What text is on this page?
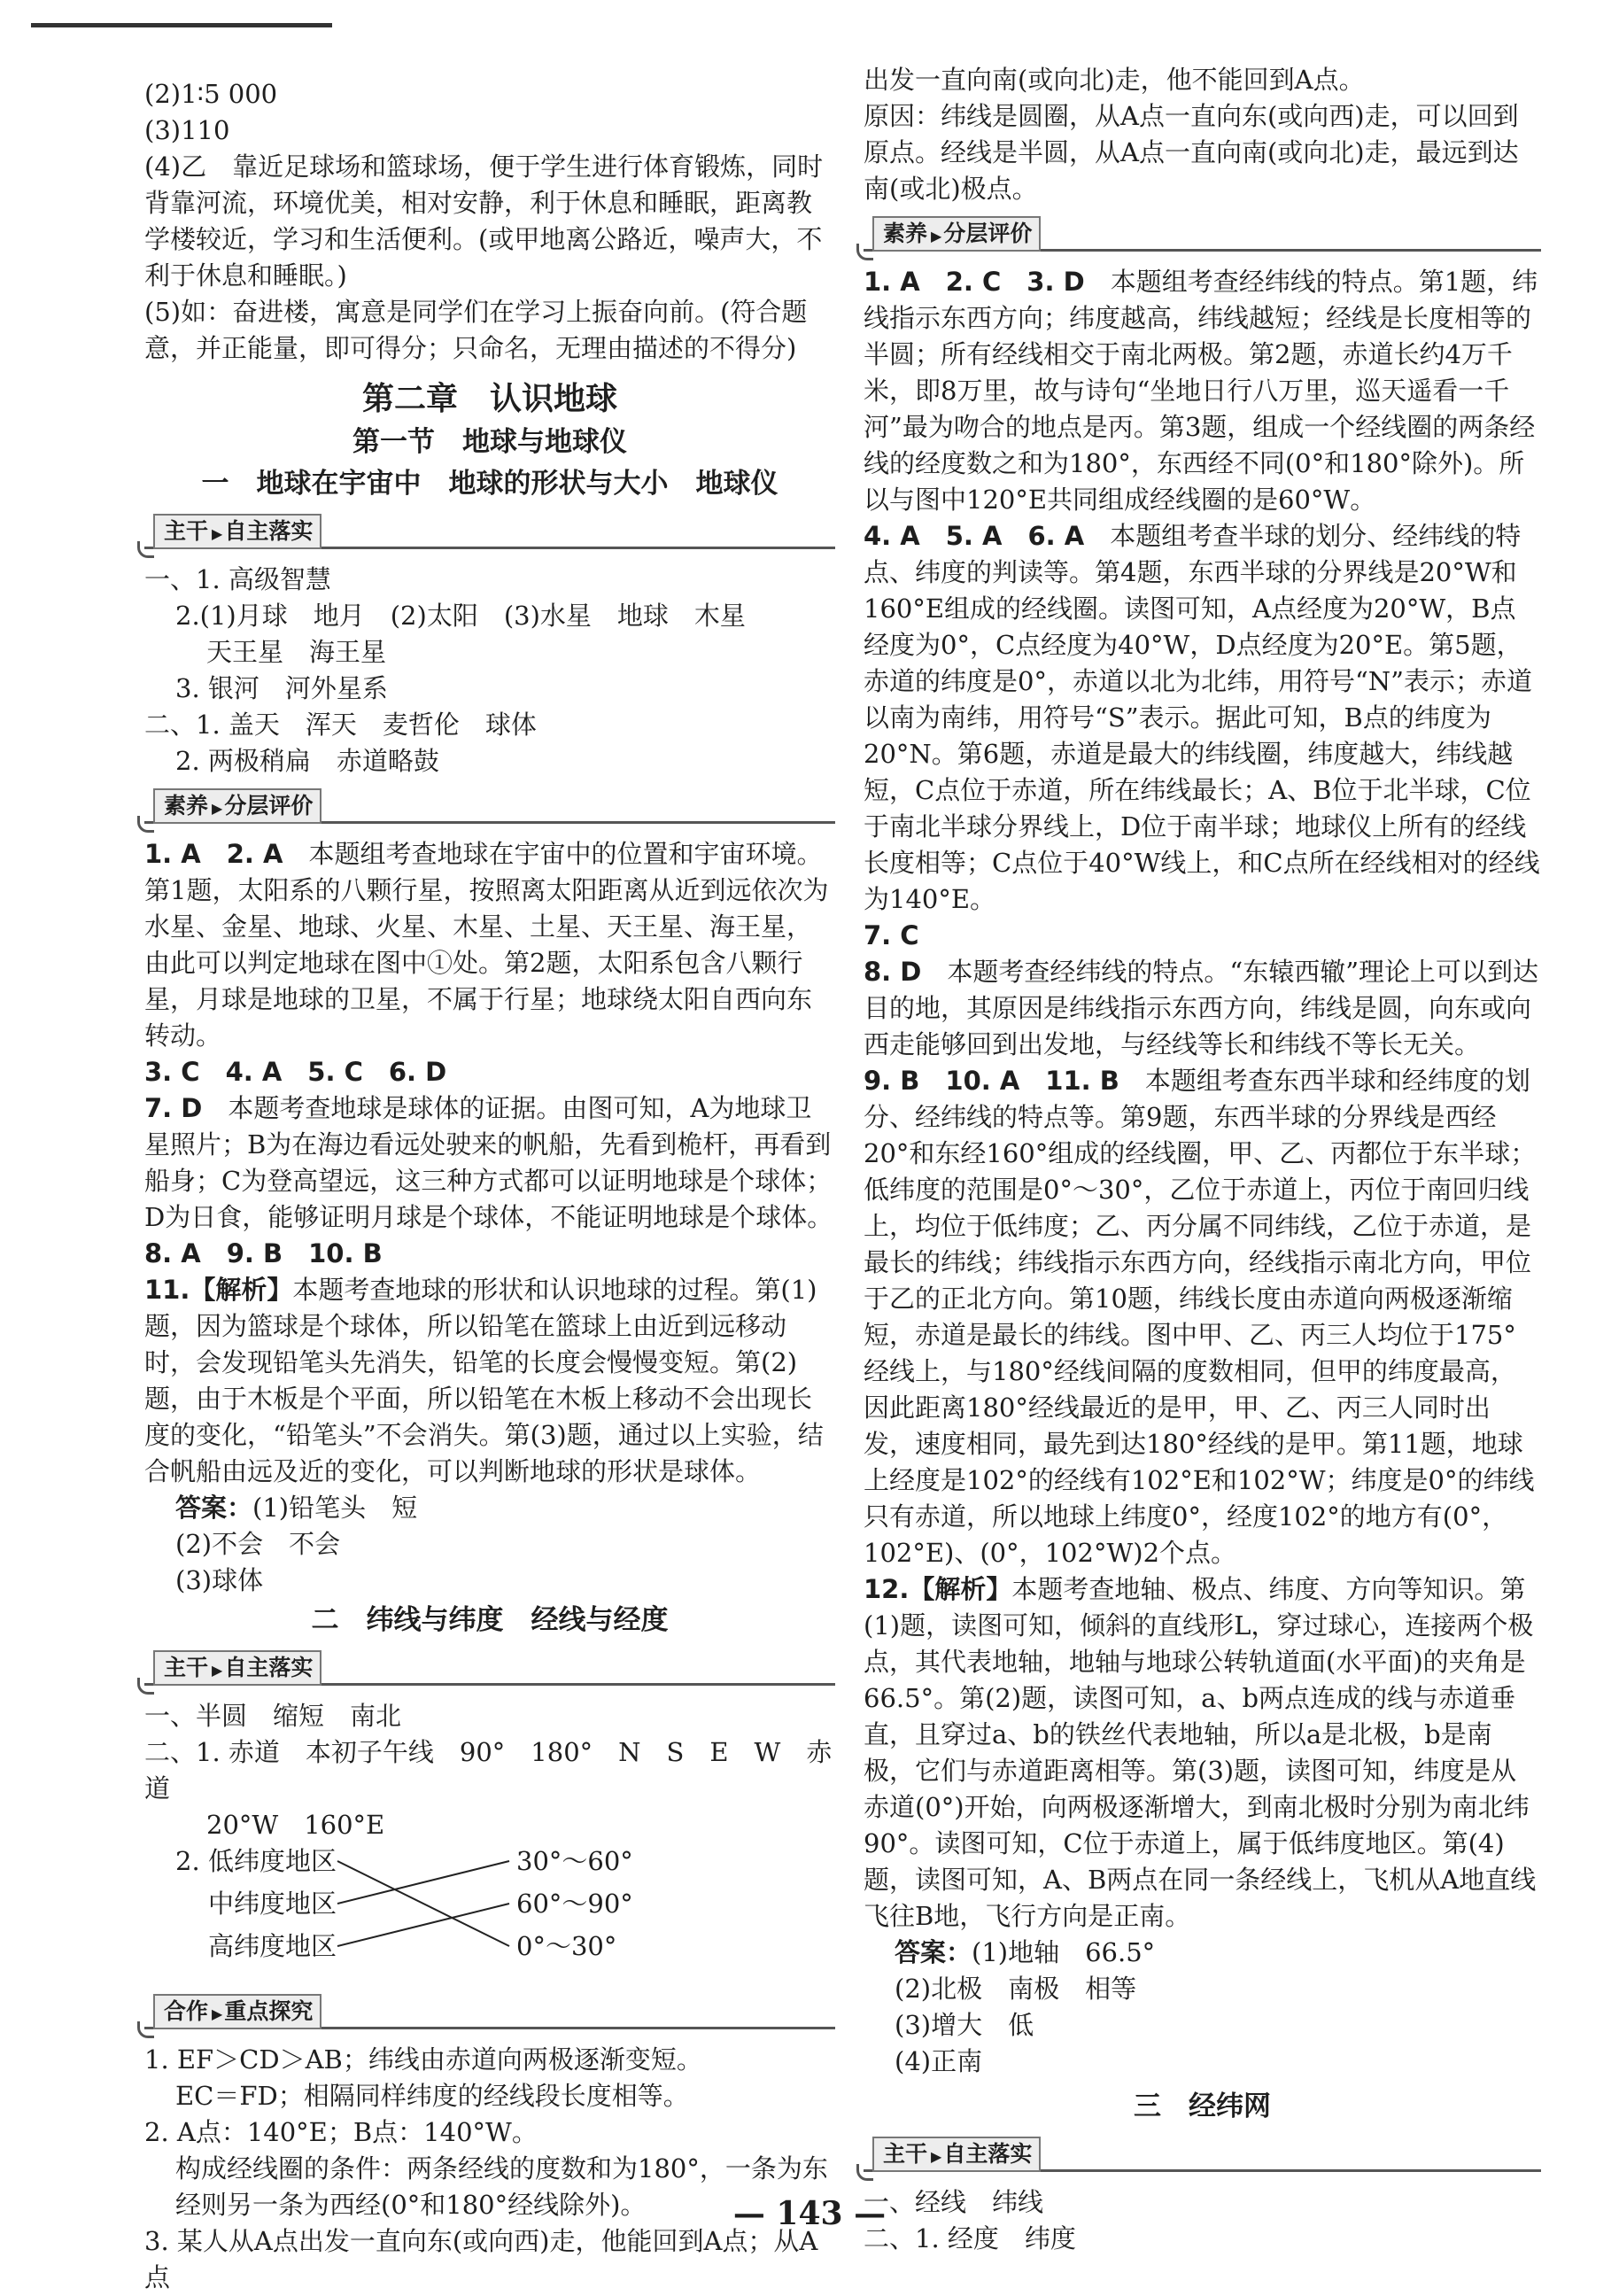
(2)1∶5 000

(3)110

(4)乙　靠近足球场和篮球场，便于学生进行体育锻炼，同时背靠河流，环境优美，相对安静，利于休息和睡眠，距离教学楼较近，学习和生活便利。(或甲地离公路近，噪声大，不利于休息和睡眠。)

(5)如：奋进楼，寓意是同学们在学习上振奋向前。(符合题意，并正能量，即可得分；只命名，无理由描述的不得分)

第二章　认识地球
第一节　地球与地球仪
一　地球在宇宙中　地球的形状与大小　地球仪
主干 ▶自主落实

一、1. 高级智慧

2.(1)月球　地月　(2)太阳　(3)水星　地球　木星

天王星　海王星

3. 银河　河外星系

二、1. 盖天　浑天　麦哲伦　球体

2. 两极稍扁　赤道略鼓

素养 ▶分层评价

1. A　2. A　本题组考查地球在宇宙中的位置和宇宙环境。第1题，太阳系的八颗行星，按照离太阳距离从近到远依次为水星、金星、地球、火星、木星、土星、天王星、海王星，由此可以判定地球在图中①处。第2题，太阳系包含八颗行星，月球是地球的卫星，不属于行星；地球绕太阳自西向东转动。

3. C　4. A　5. C　6. D

7. D　本题考查地球是球体的证据。由图可知，A为地球卫星照片；B为在海边看远处驶来的帆船，先看到桅杆，再看到船身；C为登高望远，这三种方式都可以证明地球是个球体；D为日食，能够证明月球是个球体，不能证明地球是个球体。

8. A　9. B　10. B

11.【解析】本题考查地球的形状和认识地球的过程。第(1)题，因为篮球是个球体，所以铅笔在篮球上由近到远移动时，会发现铅笔头先消失，铅笔的长度会慢慢变短。第(2)题，由于木板是个平面，所以铅笔在木板上移动不会出现长度的变化，“铅笔头”不会消失。第(3)题，通过以上实验，结合帆船由远及近的变化，可以判断地球的形状是球体。

答案：(1)铅笔头　短

(2)不会　不会

(3)球体

二　纬线与纬度　经线与经度
主干 ▶自主落实

一、半圆　缩短　南北

二、1. 赤道　本初子午线　90°　180°　N　S　E　W　赤道

20°W　160°E

2. 低纬度地区
中纬度地区
高纬度地区
30°～60°
60°～90°
0°～30°
合作 ▶重点探究

1. EF＞CD＞AB；纬线由赤道向两极逐渐变短。

EC＝FD；相隔同样纬度的经线段长度相等。

2. A点：140°E；B点：140°W。

构成经线圈的条件：两条经线的度数和为180°，一条为东经则另一条为西经(0°和180°经线除外)。

3. 某人从A点出发一直向东(或向西)走，他能回到A点；从A点

出发一直向南(或向北)走，他不能回到A点。

原因：纬线是圆圈，从A点一直向东(或向西)走，可以回到原点。经线是半圆，从A点一直向南(或向北)走，最远到达南(或北)极点。

素养 ▶分层评价

1. A　2. C　3. D　本题组考查经纬线的特点。第1题，纬线指示东西方向；纬度越高，纬线越短；经线是长度相等的半圆；所有经线相交于南北两极。第2题，赤道长约4万千米，即8万里，故与诗句“坐地日行八万里，巡天遥看一千河”最为吻合的地点是丙。第3题，组成一个经线圈的两条经线的经度数之和为180°，东西经不同(0°和180°除外)。所以与图中120°E共同组成经线圈的是60°W。

4. A　5. A　6. A　本题组考查半球的划分、经纬线的特点、纬度的判读等。第4题，东西半球的分界线是20°W和160°E组成的经线圈。读图可知，A点经度为20°W，B点经度为0°，C点经度为40°W，D点经度为20°E。第5题，赤道的纬度是0°，赤道以北为北纬，用符号“N”表示；赤道以南为南纬，用符号“S”表示。据此可知，B点的纬度为20°N。第6题，赤道是最大的纬线圈，纬度越大，纬线越短，C点位于赤道，所在纬线最长；A、B位于北半球，C位于南北半球分界线上，D位于南半球；地球仪上所有的经线长度相等；C点位于40°W线上，和C点所在经线相对的经线为140°E。

7. C

8. D　本题考查经纬线的特点。“东辕西辙”理论上可以到达目的地，其原因是纬线指示东西方向，纬线是圆，向东或向西走能够回到出发地，与经线等长和纬线不等长无关。

9. B　10. A　11. B　本题组考查东西半球和经纬度的划分、经纬线的特点等。第9题，东西半球的分界线是西经20°和东经160°组成的经线圈，甲、乙、丙都位于东半球；低纬度的范围是0°～30°，乙位于赤道上，丙位于南回归线上，均位于低纬度；乙、丙分属不同纬线，乙位于赤道，是最长的纬线；纬线指示东西方向，经线指示南北方向，甲位于乙的正北方向。第10题，纬线长度由赤道向两极逐渐缩短，赤道是最长的纬线。图中甲、乙、丙三人均位于175°经线上，与180°经线间隔的度数相同，但甲的纬度最高，因此距离180°经线最近的是甲，甲、乙、丙三人同时出发，速度相同，最先到达180°经线的是甲。第11题，地球上经度是102°的经线有102°E和102°W；纬度是0°的纬线只有赤道，所以地球上纬度0°，经度102°的地方有(0°，102°E)、(0°，102°W)2个点。

12.【解析】本题考查地轴、极点、纬度、方向等知识。第(1)题，读图可知，倾斜的直线形L，穿过球心，连接两个极点，其代表地轴，地轴与地球公转轨道面(水平面)的夹角是66.5°。第(2)题，读图可知，a、b两点连成的线与赤道垂直，且穿过a、b的铁丝代表地轴，所以a是北极，b是南极，它们与赤道距离相等。第(3)题，读图可知，纬度是从赤道(0°)开始，向两极逐渐增大，到南北极时分别为南北纬90°。读图可知，C位于赤道上，属于低纬度地区。第(4)题，读图可知，A、B两点在同一条经线上，飞机从A地直线飞往B地，飞行方向是正南。

答案：(1)地轴　66.5°

(2)北极　南极　相等

(3)增大　低

(4)正南

三　经纬网
主干 ▶自主落实

一、经线　纬线

二、1. 经度　纬度

— 143 —
